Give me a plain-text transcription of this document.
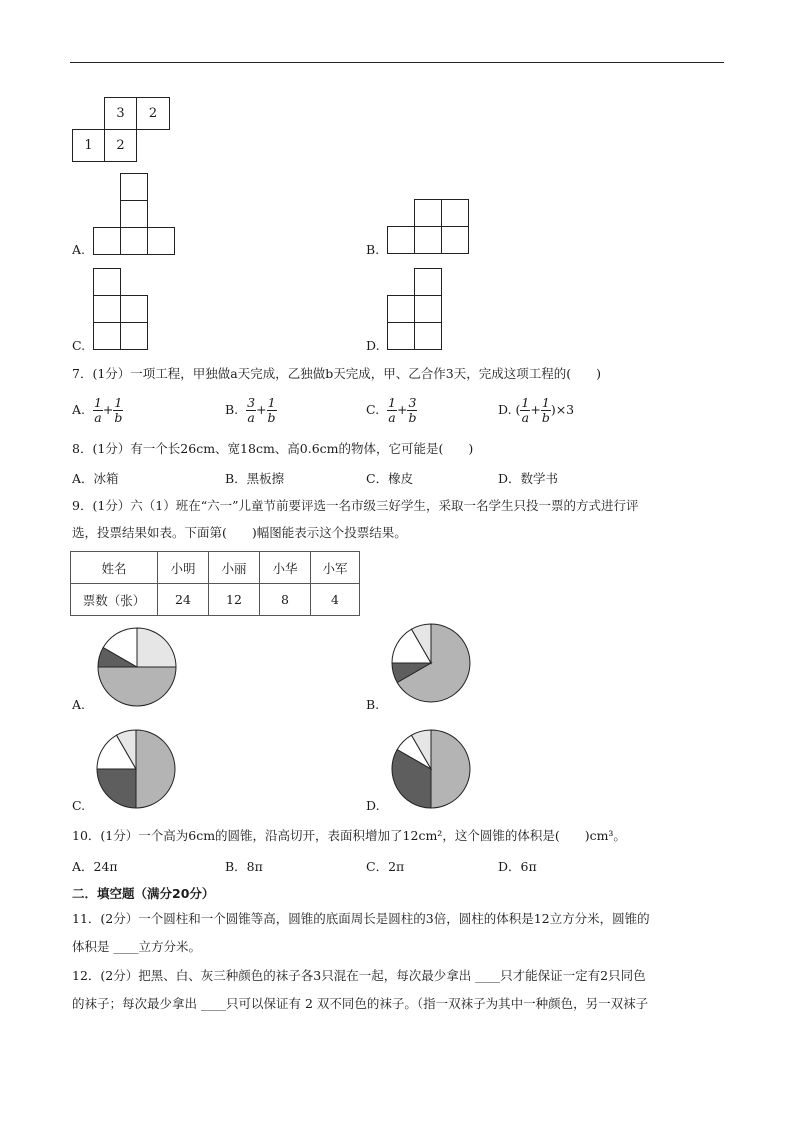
3	2
1	2
A.	B.
C.	D.
7．(1分）一项工程，甲独做a天完成，乙独做b天完成，甲、乙合作3天，完成这项工程的(　　)
A. $\frac{1}{a} + \frac{1}{b}$	B. $\frac{3}{a} + \frac{1}{b}$	C. $\frac{1}{a} + \frac{3}{b}$	D. ( $\frac{1}{a} + \frac{1}{b} )\times 3$
8．(1分）有一个长26cm、宽18cm、高0.6cm的物体，它可能是(　　)
A．冰箱	B．黑板擦	C．橡皮	D．数学书
9．(1分）六（1）班在“六一”儿童节前要评选一名市级三好学生，采取一名学生只投一票的方式进行评
选，投票结果如表。下面第(　　)幅图能表示这个投票结果。
姓名	小明	小丽	小华	小军
票数（张）	24	12	8	4
A.	B.
C.	D.
10．(1分）一个高为6cm的圆锥，沿高切开，表面积增加了12cm²，这个圆锥的体积是(　　)cm³。
A．24π	B．8π	C．2π	D．6π
二．填空题（满分20分）
11．(2分）一个圆柱和一个圆锥等高，圆锥的底面周长是圆柱的3倍，圆柱的体积是12立方分米，圆锥的
体积是 ____立方分米。
12．(2分）把黑、白、灰三种颜色的袜子各3只混在一起，每次最少拿出 ____只才能保证一定有2只同色
的袜子；每次最少拿出 ____只可以保证有 2 双不同色的袜子。（指一双袜子为其中一种颜色，另一双袜子
